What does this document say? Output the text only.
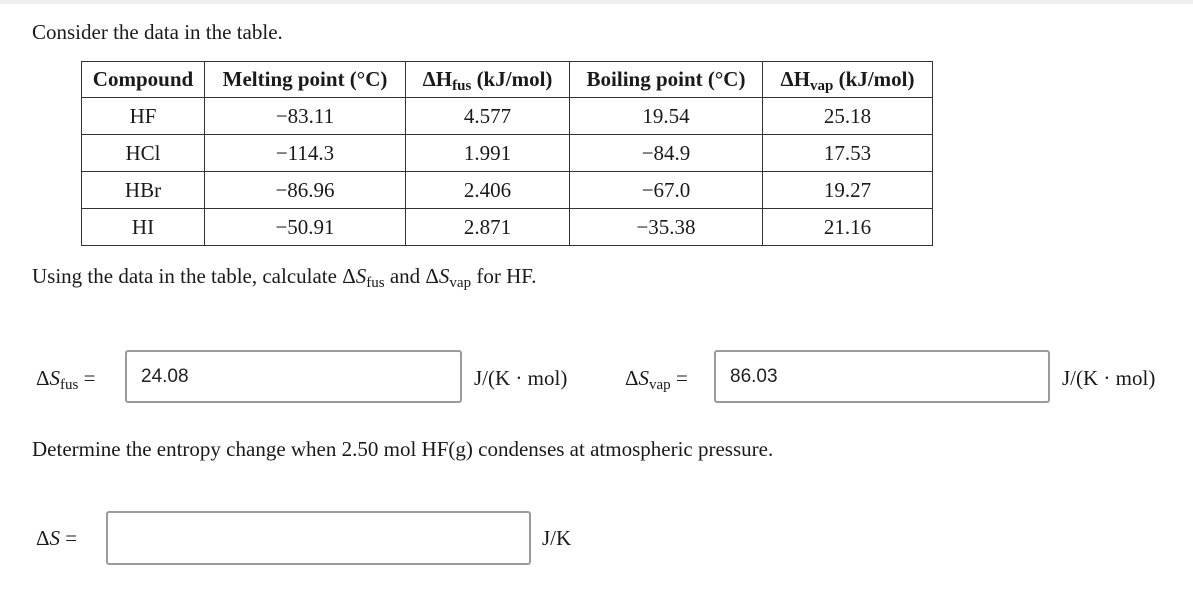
Consider the data in the table.
Compound	Melting point (°C)	$\Delta H_{fus}$ (kJ/mol)	Boiling point (°C)	$\Delta H_{vap}$ (kJ/mol)
HF	−83.11	4.577	19.54	25.18
HCl	−114.3	1.991	−84.9	17.53
HBr	−86.96	2.406	−67.0	19.27
HI	−50.91	2.871	−35.38	21.16
Using the data in the table, calculate $\Delta S_{fus}$ and $\Delta S_{vap}$ for HF.
$\Delta S_{fus}$ =
24.08	J/(K · mol)	$\Delta S_{vap}$ =
86.03	J/(K · mol)
Determine the entropy change when 2.50 mol HF(g) condenses at atmospheric pressure.
ΔS =	J/K
